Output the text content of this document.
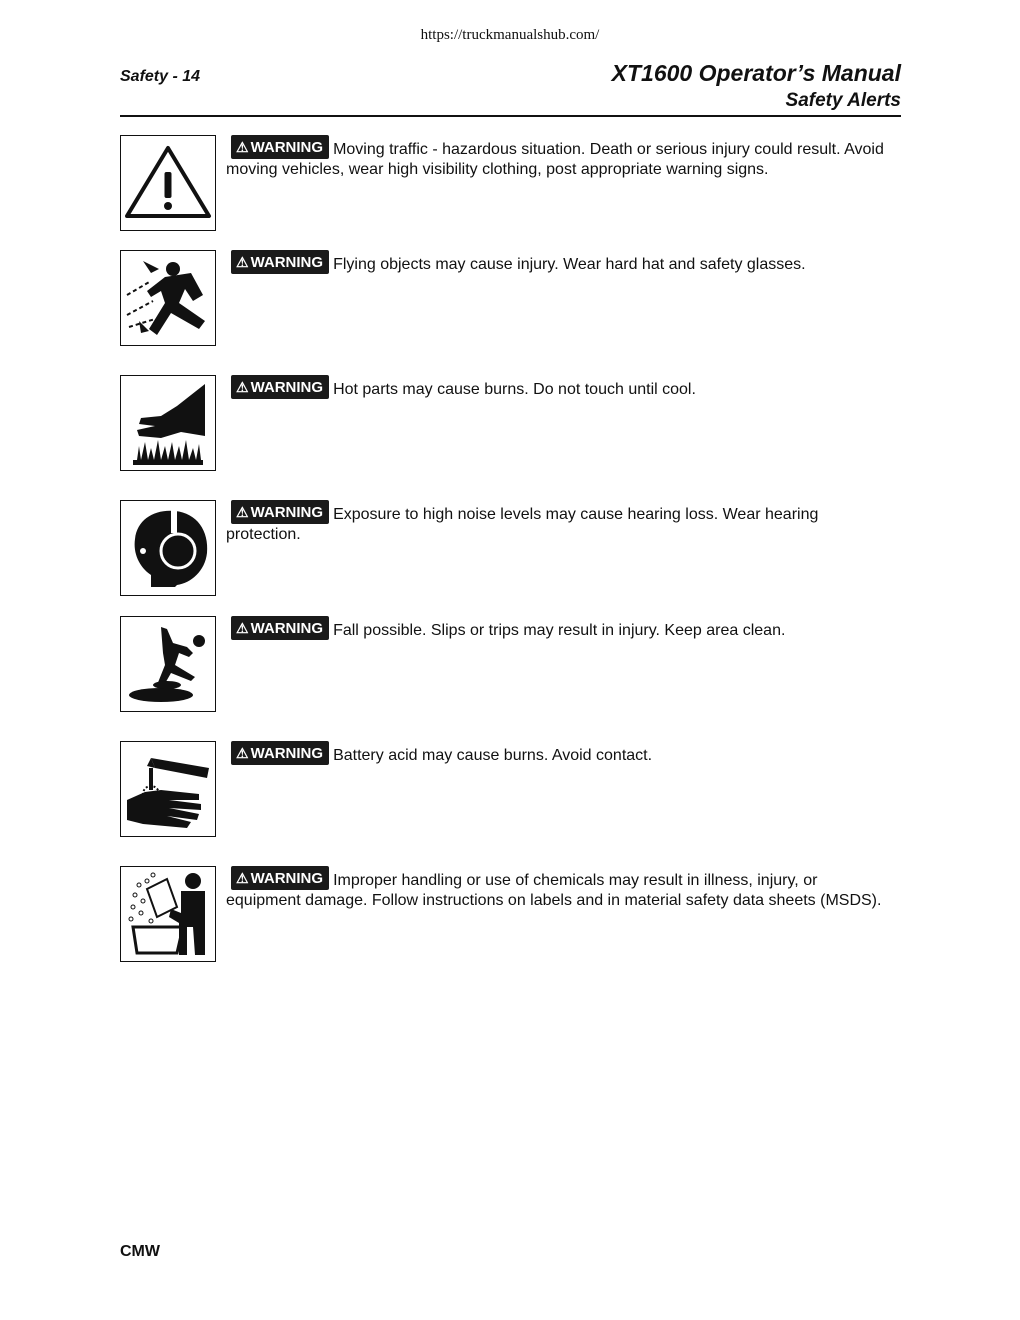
https://truckmanualshub.com/
Safety - 14	XT1600 Operator’s Manual
Safety Alerts
⚠ WARNING Moving traffic - hazardous situation. Death or serious injury could result. Avoid moving vehicles, wear high visibility clothing, post appropriate warning signs.
⚠ WARNING Flying objects may cause injury. Wear hard hat and safety glasses.
⚠ WARNING Hot parts may cause burns. Do not touch until cool.
⚠ WARNING Exposure to high noise levels may cause hearing loss. Wear hearing protection.
⚠ WARNING Fall possible. Slips or trips may result in injury. Keep area clean.
⚠ WARNING Battery acid may cause burns. Avoid contact.
⚠ WARNING Improper handling or use of chemicals may result in illness, injury, or equipment damage. Follow instructions on labels and in material safety data sheets (MSDS).
CMW
